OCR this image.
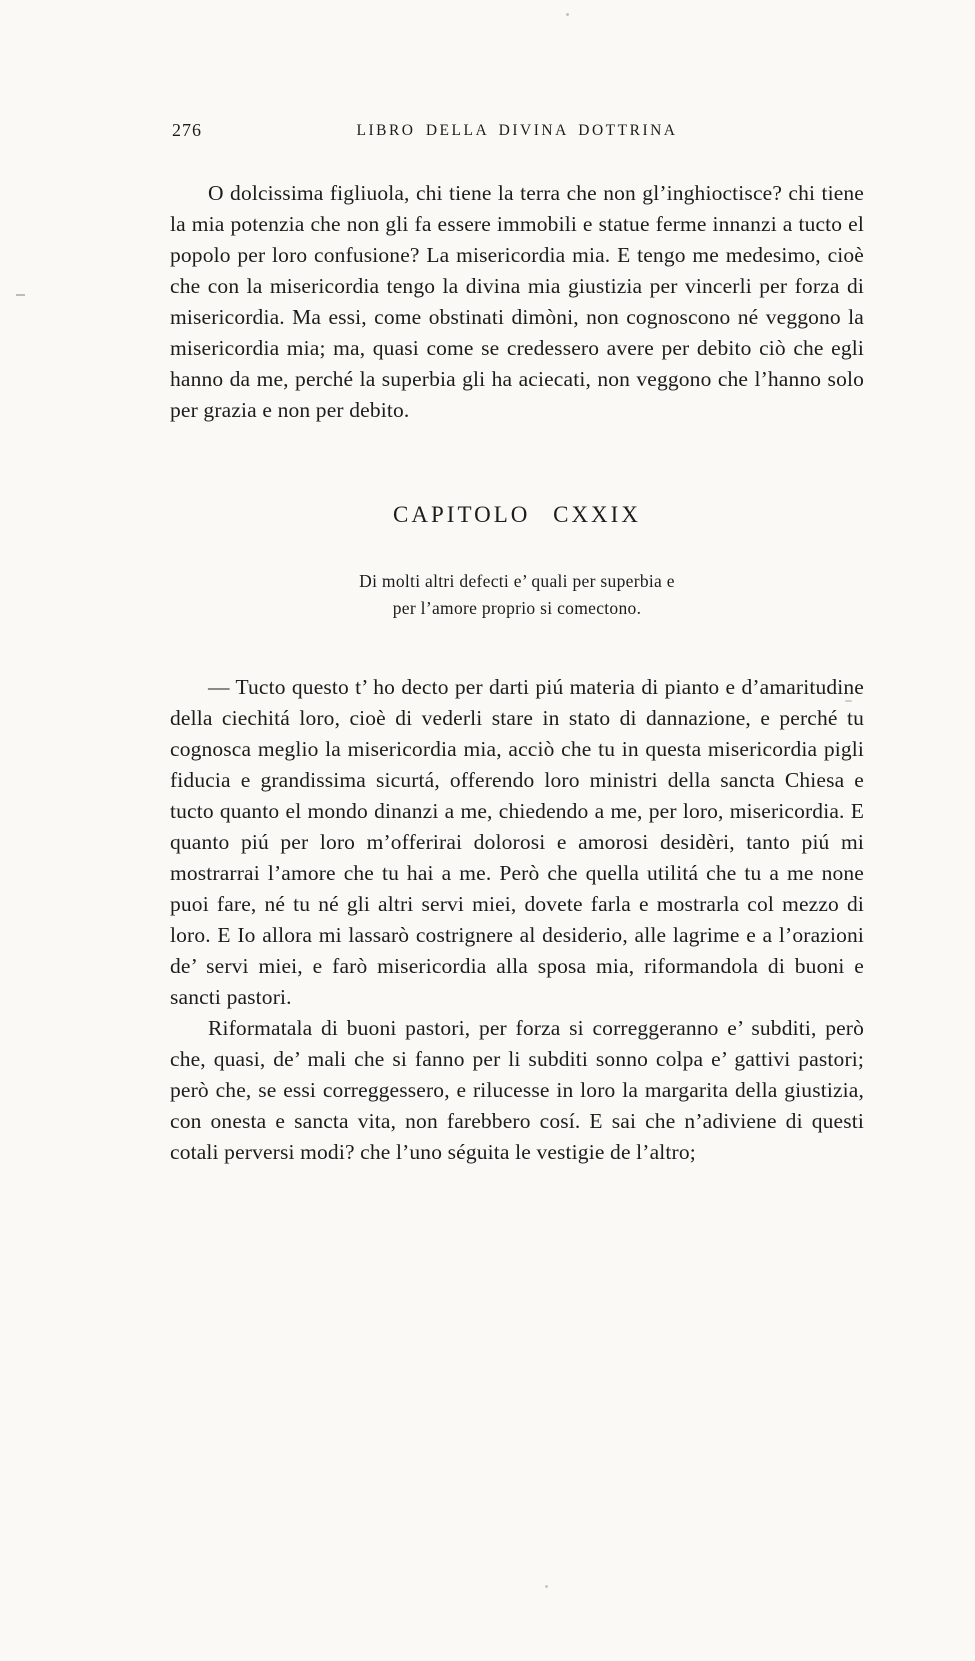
276	LIBRO DELLA DIVINA DOTTRINA

O dolcissima figliuola, chi tiene la terra che non gl’inghioctisce? chi tiene la mia potenzia che non gli fa essere immobili e statue ferme innanzi a tucto el popolo per loro confusione? La misericordia mia. E tengo me medesimo, cioè che con la misericordia tengo la divina mia giustizia per vincerli per forza di misericordia. Ma essi, come obstinati dimòni, non cognoscono né veggono la misericordia mia; ma, quasi come se credessero avere per debito ciò che egli hanno da me, perché la superbia gli ha aciecati, non veggono che l’hanno solo per grazia e non per debito.

CAPITOLO CXXIX
Di molti altri defecti e’ quali per superbia e
per l’amore proprio si comectono.

— Tucto questo t’ ho decto per darti piú materia di pianto e d’amaritudine della ciechitá loro, cioè di vederli stare in stato di dannazione, e perché tu cognosca meglio la misericordia mia, acciò che tu in questa misericordia pigli fiducia e grandissima sicurtá, offerendo loro ministri della sancta Chiesa e tucto quanto el mondo dinanzi a me, chiedendo a me, per loro, misericordia. E quanto piú per loro m’offerirai dolorosi e amorosi desidèri, tanto piú mi mostrarrai l’amore che tu hai a me. Però che quella utilitá che tu a me none puoi fare, né tu né gli altri servi miei, dovete farla e mostrarla col mezzo di loro. E Io allora mi lassarò costrignere al desiderio, alle lagrime e a l’orazioni de’ servi miei, e farò misericordia alla sposa mia, riformandola di buoni e sancti pastori.

Riformatala di buoni pastori, per forza si correggeranno e’ subditi, però che, quasi, de’ mali che si fanno per li subditi sonno colpa e’ gattivi pastori; però che, se essi correggessero, e rilucesse in loro la margarita della giustizia, con onesta e sancta vita, non farebbero cosí. E sai che n’adiviene di questi cotali perversi modi? che l’uno séguita le vestigie de l’altro;
